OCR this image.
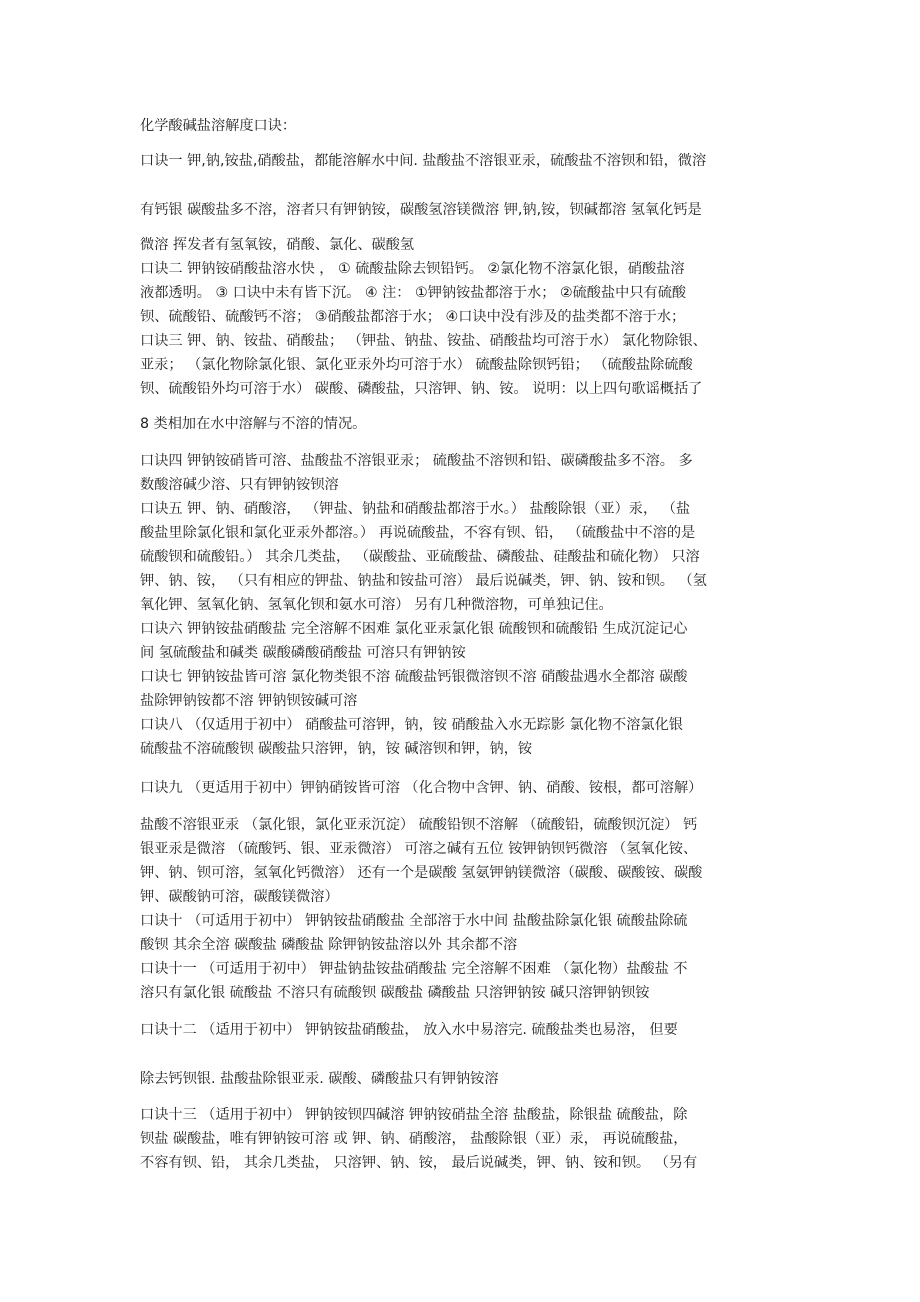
化学酸碱盐溶解度口诀：
口诀一 钾,钠,铵盐,硝酸盐，都能溶解水中间. 盐酸盐不溶银亚汞，硫酸盐不溶钡和铅，微溶
有钙银 碳酸盐多不溶，溶者只有钾钠铵，碳酸氢溶镁微溶 钾,钠,铵，钡碱都溶 氢氧化钙是
微溶 挥发者有氢氧铵，硝酸、氯化、碳酸氢
口诀二 钾钠铵硝酸盐溶水快 ， ① 硫酸盐除去钡铅钙。 ②氯化物不溶氯化银，硝酸盐溶
液都透明。 ③ 口诀中未有皆下沉。 ④ 注： ①钾钠铵盐都溶于水； ②硫酸盐中只有硫酸
钡、硫酸铅、硫酸钙不溶； ③硝酸盐都溶于水； ④口诀中没有涉及的盐类都不溶于水；
口诀三 钾、钠、铵盐、硝酸盐； （钾盐、钠盐、铵盐、硝酸盐均可溶于水） 氯化物除银、
亚汞； （氯化物除氯化银、氯化亚汞外均可溶于水） 硫酸盐除钡钙铅； （硫酸盐除硫酸
钡、硫酸铅外均可溶于水） 碳酸、磷酸盐，只溶钾、钠、铵。 说明：以上四句歌谣概括了
8 类相加在水中溶解与不溶的情况。
口诀四 钾钠铵硝皆可溶、盐酸盐不溶银亚汞； 硫酸盐不溶钡和铅、碳磷酸盐多不溶。 多
数酸溶碱少溶、只有钾钠铵钡溶
口诀五 钾、钠、硝酸溶， （钾盐、钠盐和硝酸盐都溶于水。） 盐酸除银（亚）汞， （盐
酸盐里除氯化银和氯化亚汞外都溶。） 再说硫酸盐，不容有钡、铅， （硫酸盐中不溶的是
硫酸钡和硫酸铅。） 其余几类盐， （碳酸盐、亚硫酸盐、磷酸盐、硅酸盐和硫化物） 只溶
钾、钠、铵， （只有相应的钾盐、钠盐和铵盐可溶） 最后说碱类，钾、钠、铵和钡。 （氢
氧化钾、氢氧化钠、氢氧化钡和氨水可溶） 另有几种微溶物，可单独记住。
口诀六 钾钠铵盐硝酸盐 完全溶解不困难 氯化亚汞氯化银 硫酸钡和硫酸铅 生成沉淀记心
间 氢硫酸盐和碱类 碳酸磷酸硝酸盐 可溶只有钾钠铵
口诀七 钾钠铵盐皆可溶 氯化物类银不溶 硫酸盐钙银微溶钡不溶 硝酸盐遇水全都溶 碳酸
盐除钾钠铵都不溶 钾钠钡铵碱可溶
口诀八 （仅适用于初中） 硝酸盐可溶钾，钠，铵 硝酸盐入水无踪影 氯化物不溶氯化银
硫酸盐不溶硫酸钡 碳酸盐只溶钾，钠，铵 碱溶钡和钾，钠，铵
口诀九 （更适用于初中）钾钠硝铵皆可溶 （化合物中含钾、钠、硝酸、铵根，都可溶解）
盐酸不溶银亚汞 （氯化银，氯化亚汞沉淀） 硫酸铅钡不溶解 （硫酸铅，硫酸钡沉淀） 钙
银亚汞是微溶 （硫酸钙、银、亚汞微溶） 可溶之碱有五位 铵钾钠钡钙微溶 （氢氧化铵、
钾、钠、钡可溶，氢氧化钙微溶） 还有一个是碳酸 氢氨钾钠镁微溶（碳酸、碳酸铵、碳酸
钾、碳酸钠可溶，碳酸镁微溶）
口诀十 （可适用于初中） 钾钠铵盐硝酸盐 全部溶于水中间 盐酸盐除氯化银 硫酸盐除硫
酸钡 其余全溶 碳酸盐 磷酸盐 除钾钠铵盐溶以外 其余都不溶
口诀十一 （可适用于初中） 钾盐钠盐铵盐硝酸盐 完全溶解不困难 （氯化物）盐酸盐 不
溶只有氯化银 硫酸盐 不溶只有硫酸钡 碳酸盐 磷酸盐 只溶钾钠铵 碱只溶钾钠钡铵
口诀十二 （适用于初中） 钾钠铵盐硝酸盐， 放入水中易溶完. 硫酸盐类也易溶， 但要
除去钙钡银. 盐酸盐除银亚汞. 碳酸、磷酸盐只有钾钠铵溶
口诀十三 （适用于初中） 钾钠铵钡四碱溶 钾钠铵硝盐全溶 盐酸盐，除银盐 硫酸盐，除
钡盐 碳酸盐，唯有钾钠铵可溶 或 钾、钠、硝酸溶， 盐酸除银（亚）汞， 再说硫酸盐，
不容有钡、铅， 其余几类盐， 只溶钾、钠、铵， 最后说碱类，钾、钠、铵和钡。 （另有
